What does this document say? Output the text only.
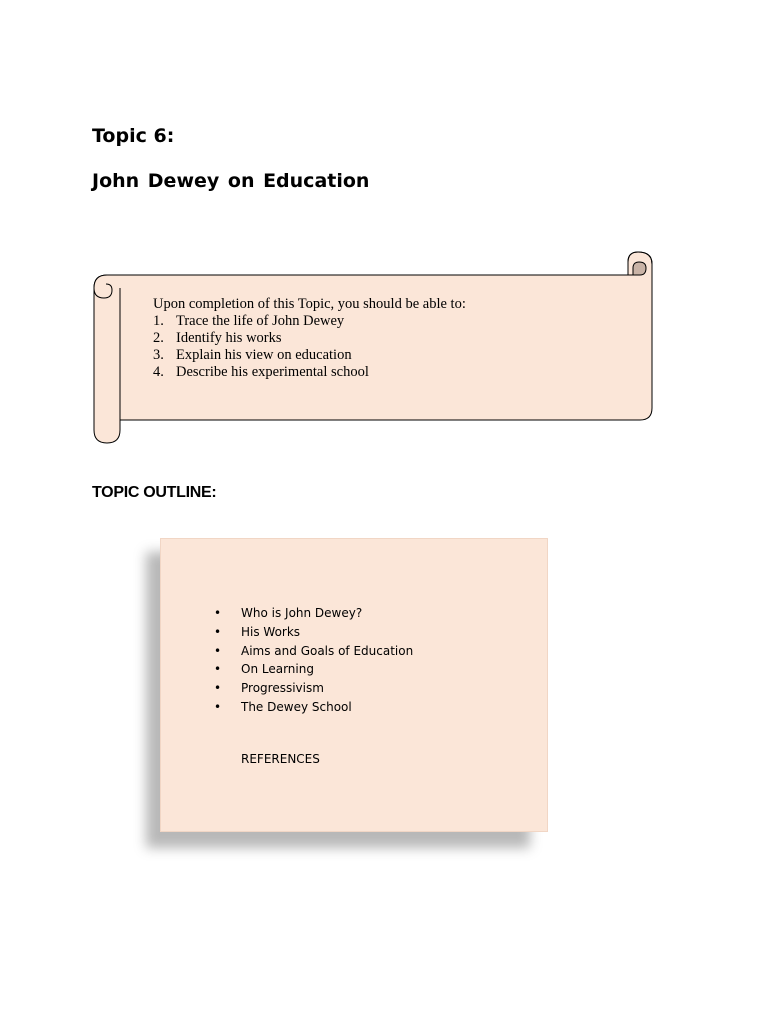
Topic 6:
John Dewey on Education

Upon completion of this Topic, you should be able to:

1. Trace the life of John Dewey
2. Identify his works
3. Explain his view on education
4. Describe his experimental school
TOPIC OUTLINE:
•	Who is John Dewey?
•	His Works
•	Aims and Goals of Education
•	On Learning
•	Progressivism
•	The Dewey School

REFERENCES
